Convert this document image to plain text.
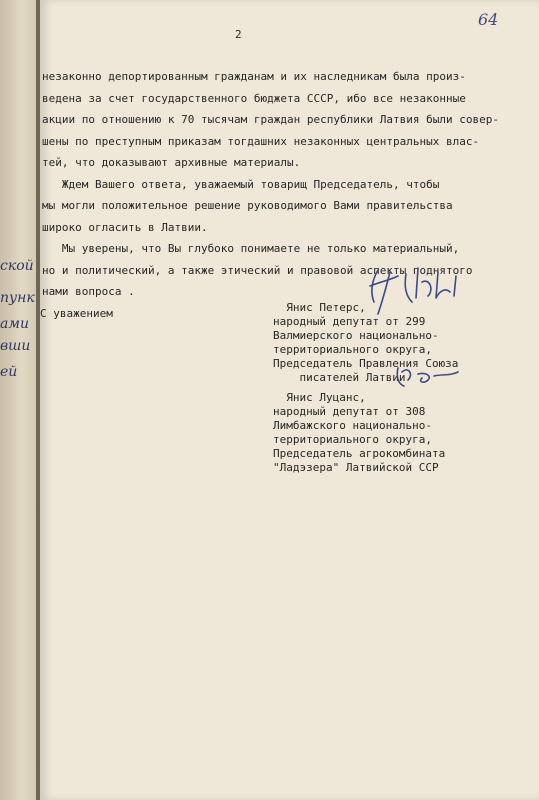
ской
пунк
ами
вши
ей
64
2

незаконно депортированным гражданам и их наследникам была произ-
ведена за счет государственного бюджета СССР, ибо все незаконные
акции по отношению к 70 тысячам граждан республики Латвия были совер-
шены по преступным приказам тогдашних незаконных центральных влас-
тей, что доказывают архивные материалы.
Ждем Вашего ответа, уважаемый товарищ Председатель, чтобы
мы могли положительное решение руководимого Вами правительства
широко огласить в Латвии.
Мы уверены, что Вы глубоко понимаете не только материальный,
но и политический, а также этический и правовой аспекты поднятого
нами вопроса .

С уважением	Янис Петерс,
народный депутат от 299
Валмиерского национально-
территориального округа,
Председатель Правления Союза
писателей Латвии
Янис Луцанс,
народный депутат от 308
Лимбажского национально-
территориального округа,
Председатель агрокомбината
"Ладэзера" Латвийской ССР
